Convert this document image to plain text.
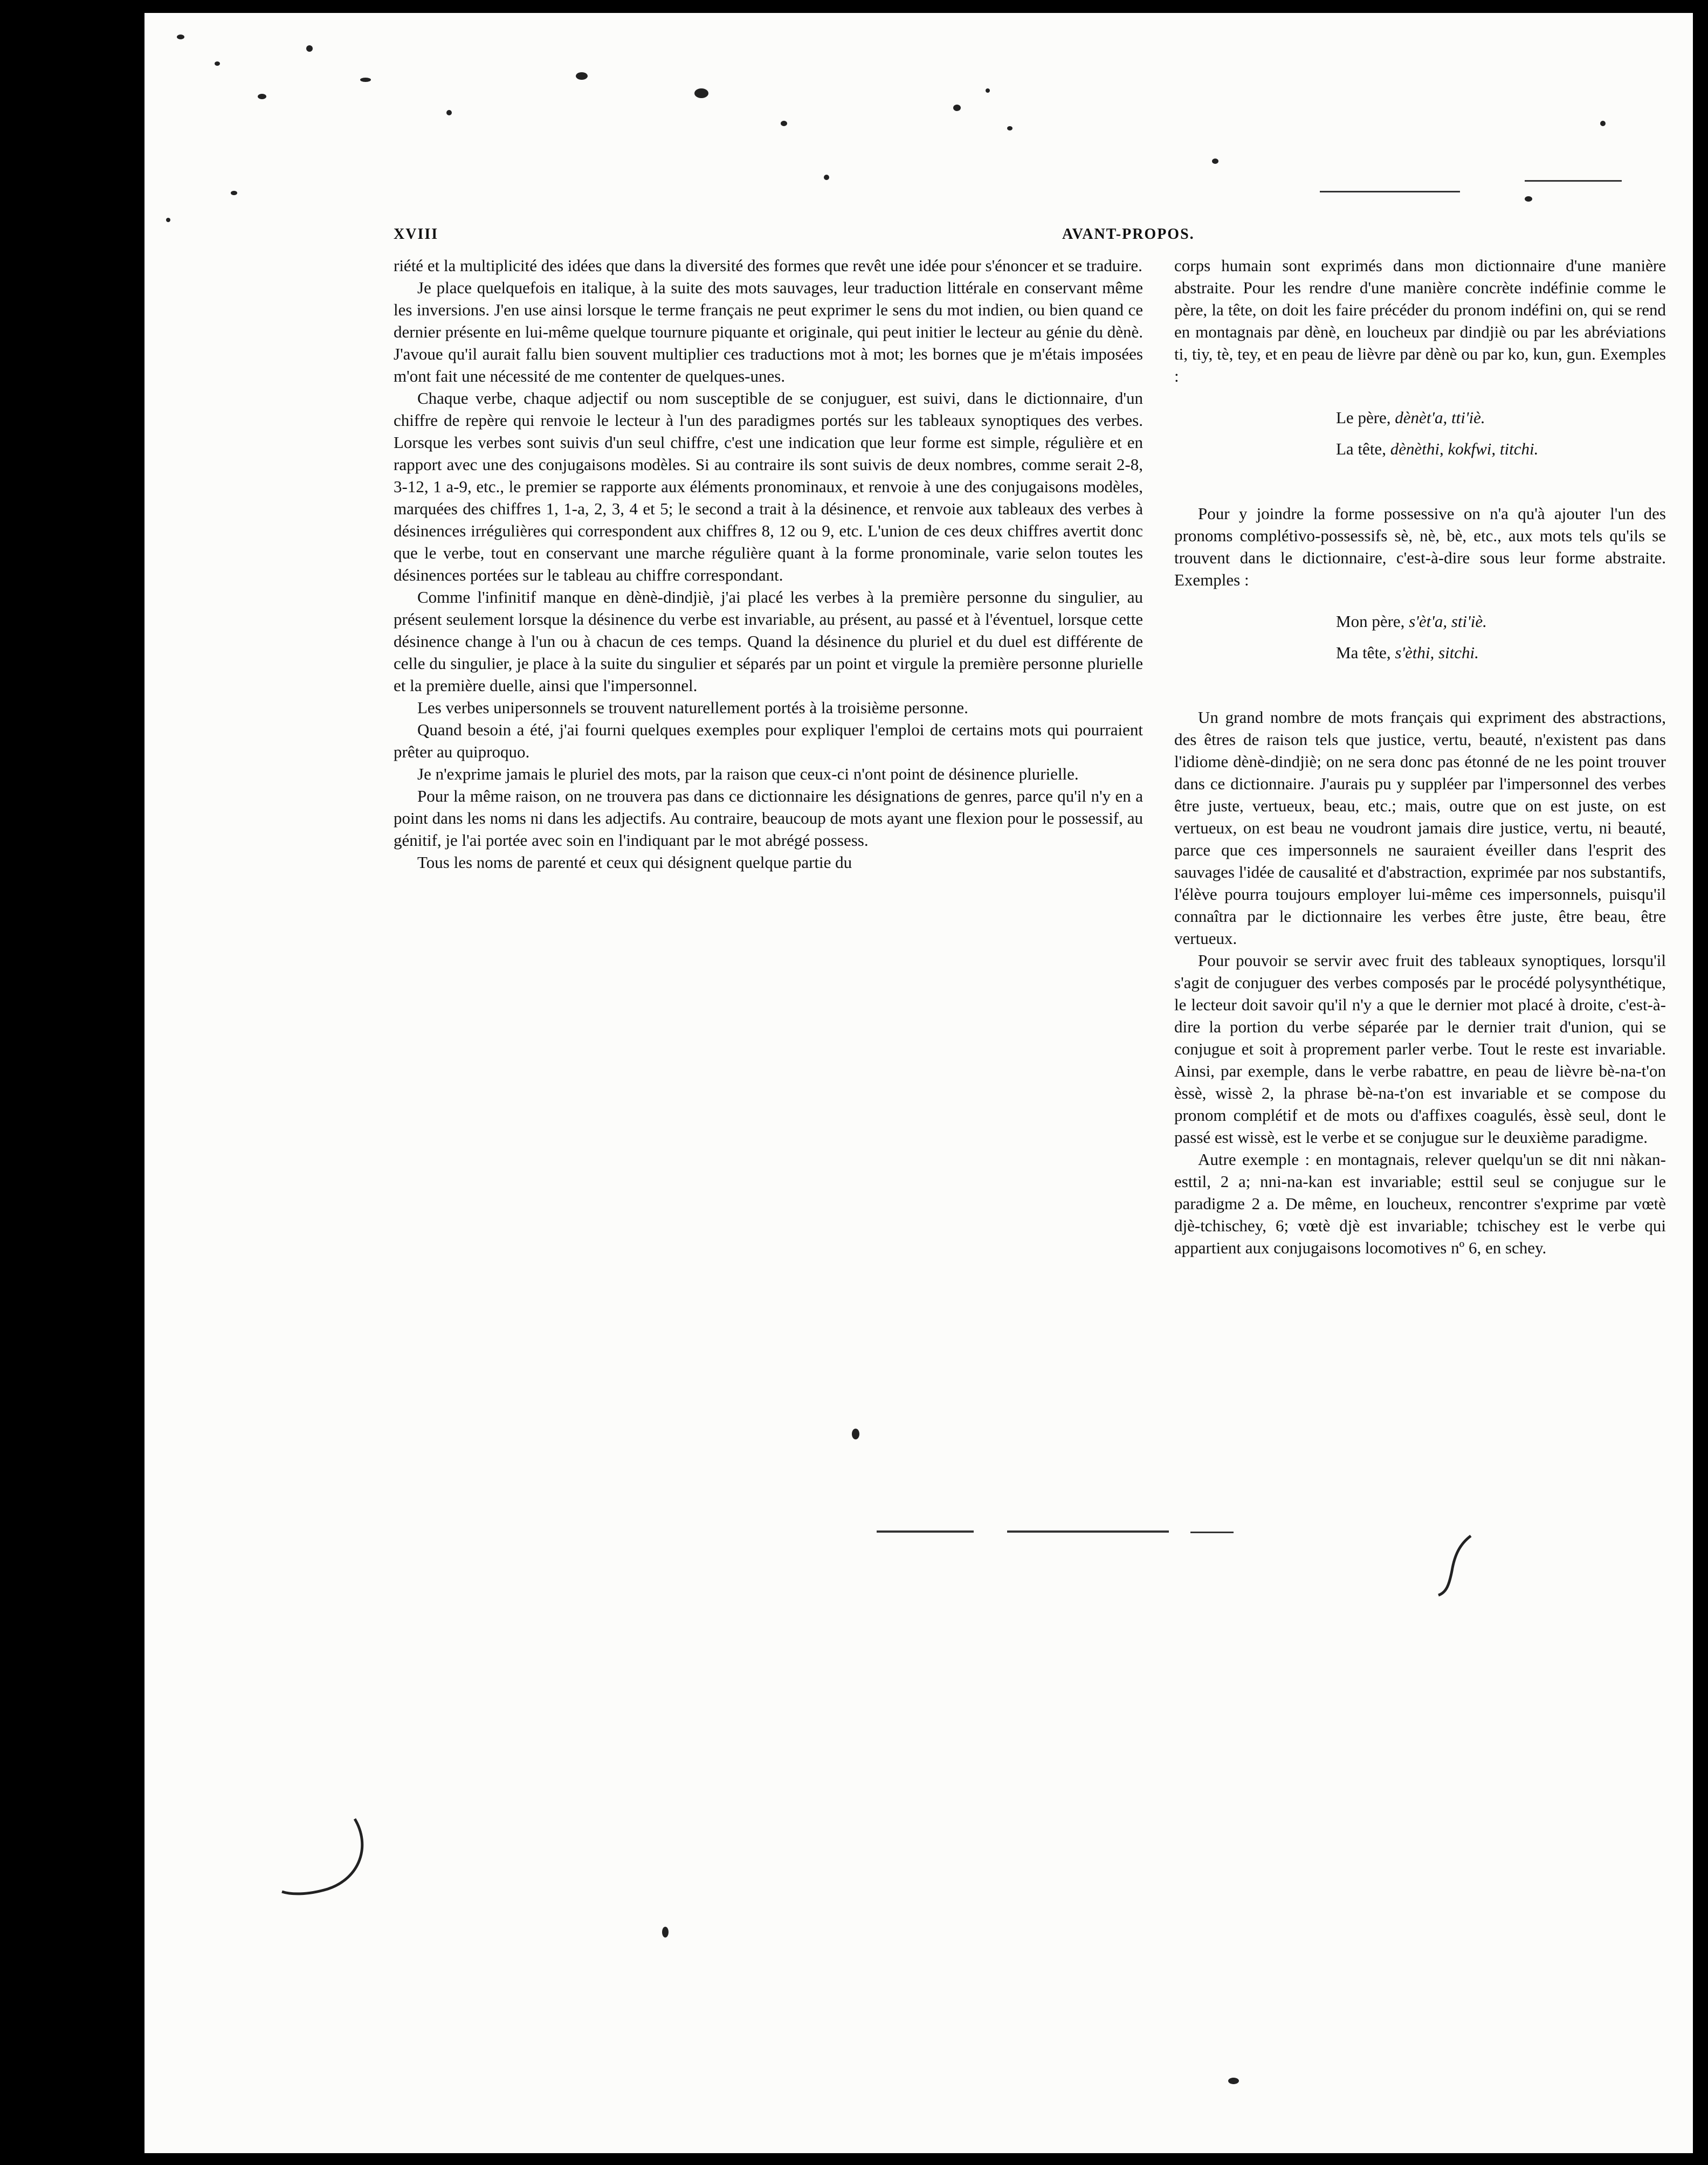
XVIII	AVANT-PROPOS.

riété et la multiplicité des idées que dans la diversité des formes que revêt une idée pour s'énoncer et se traduire.

Je place quelquefois en italique, à la suite des mots sauvages, leur traduction littérale en conservant même les inversions. J'en use ainsi lorsque le terme français ne peut exprimer le sens du mot indien, ou bien quand ce dernier présente en lui-même quelque tournure piquante et originale, qui peut initier le lecteur au génie du dènè. J'avoue qu'il aurait fallu bien souvent multiplier ces traductions mot à mot; les bornes que je m'étais imposées m'ont fait une nécessité de me contenter de quelques-unes.

Chaque verbe, chaque adjectif ou nom susceptible de se conjuguer, est suivi, dans le dictionnaire, d'un chiffre de repère qui renvoie le lecteur à l'un des paradigmes portés sur les tableaux synoptiques des verbes. Lorsque les verbes sont suivis d'un seul chiffre, c'est une indication que leur forme est simple, régulière et en rapport avec une des conjugaisons modèles. Si au contraire ils sont suivis de deux nombres, comme serait 2-8, 3-12, 1 a-9, etc., le premier se rapporte aux éléments pronominaux, et renvoie à une des conjugaisons modèles, marquées des chiffres 1, 1-a, 2, 3, 4 et 5; le second a trait à la désinence, et renvoie aux tableaux des verbes à désinences irrégulières qui correspondent aux chiffres 8, 12 ou 9, etc. L'union de ces deux chiffres avertit donc que le verbe, tout en conservant une marche régulière quant à la forme pronominale, varie selon toutes les désinences portées sur le tableau au chiffre correspondant.

Comme l'infinitif manque en dènè-dindjiè, j'ai placé les verbes à la première personne du singulier, au présent seulement lorsque la désinence du verbe est invariable, au présent, au passé et à l'éventuel, lorsque cette désinence change à l'un ou à chacun de ces temps. Quand la désinence du pluriel et du duel est différente de celle du singulier, je place à la suite du singulier et séparés par un point et virgule la première personne plurielle et la première duelle, ainsi que l'impersonnel.

Les verbes unipersonnels se trouvent naturellement portés à la troisième personne.

Quand besoin a été, j'ai fourni quelques exemples pour expliquer l'emploi de certains mots qui pourraient prêter au quiproquo.

Je n'exprime jamais le pluriel des mots, par la raison que ceux-ci n'ont point de désinence plurielle.

Pour la même raison, on ne trouvera pas dans ce dictionnaire les désignations de genres, parce qu'il n'y en a point dans les noms ni dans les adjectifs. Au contraire, beaucoup de mots ayant une flexion pour le possessif, au génitif, je l'ai portée avec soin en l'indiquant par le mot abrégé possess.

Tous les noms de parenté et ceux qui désignent quelque partie du

corps humain sont exprimés dans mon dictionnaire d'une manière abstraite. Pour les rendre d'une manière concrète indéfinie comme le père, la tête, on doit les faire précéder du pronom indéfini on, qui se rend en montagnais par dènè, en loucheux par dindjiè ou par les abréviations ti, tiy, tè, tey, et en peau de lièvre par dènè ou par ko, kun, gun. Exemples :

Le père, dènèt'a, tti'iè.
La tête, dènèthi, kokfwi, titchi.

Pour y joindre la forme possessive on n'a qu'à ajouter l'un des pronoms complétivo-possessifs sè, nè, bè, etc., aux mots tels qu'ils se trouvent dans le dictionnaire, c'est-à-dire sous leur forme abstraite. Exemples :

Mon père, s'èt'a, sti'iè.
Ma tête, s'èthi, sitchi.

Un grand nombre de mots français qui expriment des abstractions, des êtres de raison tels que justice, vertu, beauté, n'existent pas dans l'idiome dènè-dindjiè; on ne sera donc pas étonné de ne les point trouver dans ce dictionnaire. J'aurais pu y suppléer par l'impersonnel des verbes être juste, vertueux, beau, etc.; mais, outre que on est juste, on est vertueux, on est beau ne voudront jamais dire justice, vertu, ni beauté, parce que ces impersonnels ne sauraient éveiller dans l'esprit des sauvages l'idée de causalité et d'abstraction, exprimée par nos substantifs, l'élève pourra toujours employer lui-même ces impersonnels, puisqu'il connaîtra par le dictionnaire les verbes être juste, être beau, être vertueux.

Pour pouvoir se servir avec fruit des tableaux synoptiques, lorsqu'il s'agit de conjuguer des verbes composés par le procédé polysynthétique, le lecteur doit savoir qu'il n'y a que le dernier mot placé à droite, c'est-à-dire la portion du verbe séparée par le dernier trait d'union, qui se conjugue et soit à proprement parler verbe. Tout le reste est invariable. Ainsi, par exemple, dans le verbe rabattre, en peau de lièvre bè-na-t'on èssè, wissè 2, la phrase bè-na-t'on est invariable et se compose du pronom complétif et de mots ou d'affixes coagulés, èssè seul, dont le passé est wissè, est le verbe et se conjugue sur le deuxième paradigme.

Autre exemple : en montagnais, relever quelqu'un se dit nni nàkan-esttil, 2 a; nni-na-kan est invariable; esttil seul se conjugue sur le paradigme 2 a. De même, en loucheux, rencontrer s'exprime par vœtè djè-tchischey, 6; vœtè djè est invariable; tchischey est le verbe qui appartient aux conjugaisons locomotives nº 6, en schey.
